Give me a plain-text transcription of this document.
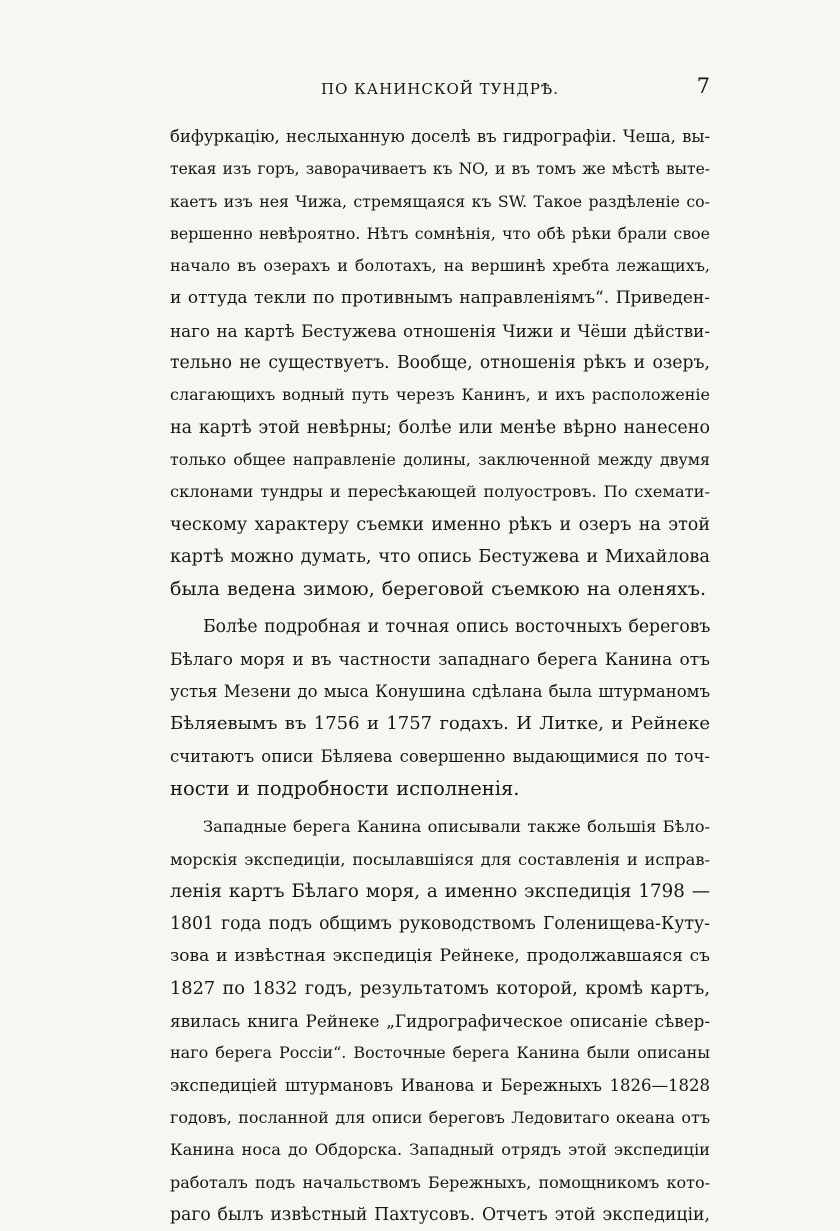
ПО КАНИНСКОЙ ТУНДРѢ.	7
бифуркацію, неслыханную доселѣ въ гидрографіи. Чеша, вы-
текая изъ горъ, заворачиваетъ къ NO, и въ томъ же мѣстѣ выте-
каетъ изъ нея Чижа, стремящаяся къ SW. Такое раздѣленіе со-
вершенно невѣроятно. Нѣтъ сомнѣнія, что обѣ рѣки брали свое
начало въ озерахъ и болотахъ, на вершинѣ хребта лежащихъ,
и оттуда текли по противнымъ направленіямъ“. Приведен-
наго на картѣ Бестужева отношенія Чижи и Чёши дѣйстви-
тельно не существуетъ. Вообще, отношенія рѣкъ и озеръ,
слагающихъ водный путь черезъ Канинъ, и ихъ расположеніе
на картѣ этой невѣрны; болѣе или менѣе вѣрно нанесено
только общее направленіе долины, заключенной между двумя
склонами тундры и пересѣкающей полуостровъ. По схемати-
ческому характеру съемки именно рѣкъ и озеръ на этой
картѣ можно думать, что опись Бестужева и Михайлова
была ведена зимою, береговой съемкою на оленяхъ.
Болѣе подробная и точная опись восточныхъ береговъ
Бѣлаго моря и въ частности западнаго берега Канина отъ
устья Мезени до мыса Конушина сдѣлана была штурманомъ
Бѣляевымъ въ 1756 и 1757 годахъ. И Литке, и Рейнеке
считаютъ описи Бѣляева совершенно выдающимися по точ-
ности и подробности исполненія.
Западные берега Канина описывали также большія Бѣло-
морскія экспедиціи, посылавшіяся для составленія и исправ-
ленія картъ Бѣлаго моря, а именно экспедиція 1798 —
1801 года подъ общимъ руководствомъ Голенищева-Куту-
зова и извѣстная экспедиція Рейнеке, продолжавшаяся съ
1827 по 1832 годъ, результатомъ которой, кромѣ картъ,
явилась книга Рейнеке „Гидрографическое описаніе сѣвер-
наго берега Россіи“. Восточные берега Канина были описаны
экспедиціей штурмановъ Иванова и Бережныхъ 1826—1828
годовъ, посланной для описи береговъ Ледовитаго океана отъ
Канина носа до Обдорска. Западный отрядъ этой экспедиціи
работалъ подъ начальствомъ Бережныхъ, помощникомъ кото-
раго былъ извѣстный Пахтусовъ. Отчетъ этой экспедиціи,
